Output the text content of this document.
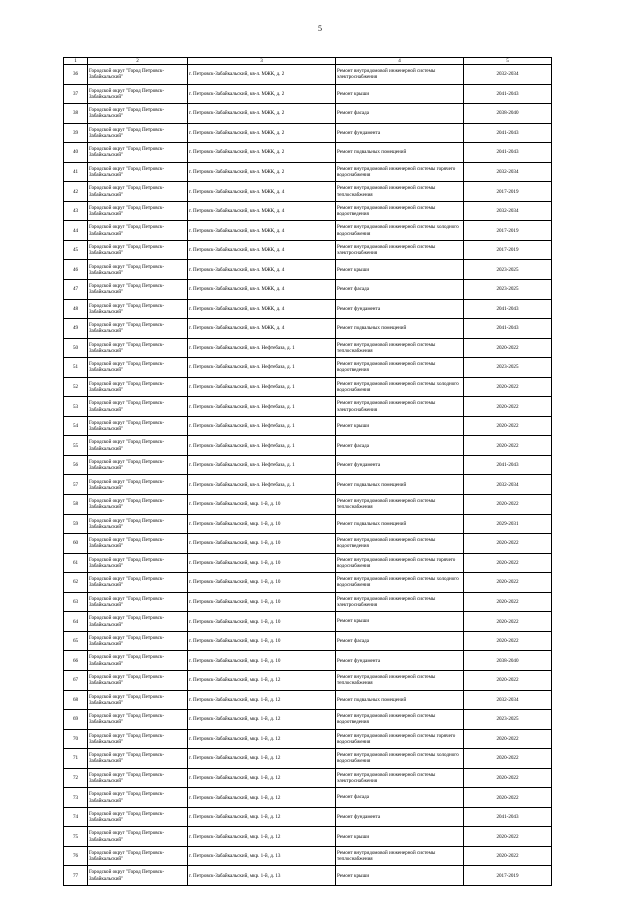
5
1	2	3	4	5
36	Городской округ "Город Петровск-Забайкальский"	г. Петровск-Забайкальский, кв-л. МЖК, д. 2	Ремонт внутридомовой инженерной системы электроснабжения	2032-2034
37	Городской округ "Город Петровск-Забайкальский"	г. Петровск-Забайкальский, кв-л. МЖК, д. 2	Ремонт крыши	2041-2043
38	Городской округ "Город Петровск-Забайкальский"	г. Петровск-Забайкальский, кв-л. МЖК, д. 2	Ремонт фасада	2038-2040
39	Городской округ "Город Петровск-Забайкальский"	г. Петровск-Забайкальский, кв-л. МЖК, д. 2	Ремонт фундамента	2041-2043
40	Городской округ "Город Петровск-Забайкальский"	г. Петровск-Забайкальский, кв-л. МЖК, д. 2	Ремонт подвальных помещений	2041-2043
41	Городской округ "Город Петровск-Забайкальский"	г. Петровск-Забайкальский, кв-л. МЖК, д. 2	Ремонт внутридомовой инженерной системы горячего водоснабжения	2032-2034
42	Городской округ "Город Петровск-Забайкальский"	г. Петровск-Забайкальский, кв-л. МЖК, д. 4	Ремонт внутридомовой инженерной системы теплоснабжения	2017-2019
43	Городской округ "Город Петровск-Забайкальский"	г. Петровск-Забайкальский, кв-л. МЖК, д. 4	Ремонт внутридомовой инженерной системы водоотведения	2032-2034
44	Городской округ "Город Петровск-Забайкальский"	г. Петровск-Забайкальский, кв-л. МЖК, д. 4	Ремонт внутридомовой инженерной системы холодного водоснабжения	2017-2019
45	Городской округ "Город Петровск-Забайкальский"	г. Петровск-Забайкальский, кв-л. МЖК, д. 4	Ремонт внутридомовой инженерной системы электроснабжения	2017-2019
46	Городской округ "Город Петровск-Забайкальский"	г. Петровск-Забайкальский, кв-л. МЖК, д. 4	Ремонт крыши	2023-2025
47	Городской округ "Город Петровск-Забайкальский"	г. Петровск-Забайкальский, кв-л. МЖК, д. 4	Ремонт фасада	2023-2025
48	Городской округ "Город Петровск-Забайкальский"	г. Петровск-Забайкальский, кв-л. МЖК, д. 4	Ремонт фундамента	2041-2043
49	Городской округ "Город Петровск-Забайкальский"	г. Петровск-Забайкальский, кв-л. МЖК, д. 4	Ремонт подвальных помещений	2041-2043
50	Городской округ "Город Петровск-Забайкальский"	г. Петровск-Забайкальский, кв-л. Нефтебаза, д. 1	Ремонт внутридомовой инженерной системы теплоснабжения	2020-2022
51	Городской округ "Город Петровск-Забайкальский"	г. Петровск-Забайкальский, кв-л. Нефтебаза, д. 1	Ремонт внутридомовой инженерной системы водоотведения	2023-2025
52	Городской округ "Город Петровск-Забайкальский"	г. Петровск-Забайкальский, кв-л. Нефтебаза, д. 1	Ремонт внутридомовой инженерной системы холодного водоснабжения	2020-2022
53	Городской округ "Город Петровск-Забайкальский"	г. Петровск-Забайкальский, кв-л. Нефтебаза, д. 1	Ремонт внутридомовой инженерной системы электроснабжения	2020-2022
54	Городской округ "Город Петровск-Забайкальский"	г. Петровск-Забайкальский, кв-л. Нефтебаза, д. 1	Ремонт крыши	2020-2022
55	Городской округ "Город Петровск-Забайкальский"	г. Петровск-Забайкальский, кв-л. Нефтебаза, д. 1	Ремонт фасада	2020-2022
56	Городской округ "Город Петровск-Забайкальский"	г. Петровск-Забайкальский, кв-л. Нефтебаза, д. 1	Ремонт фундамента	2041-2043
57	Городской округ "Город Петровск-Забайкальский"	г. Петровск-Забайкальский, кв-л. Нефтебаза, д. 1	Ремонт подвальных помещений	2032-2034
58	Городской округ "Город Петровск-Забайкальский"	г. Петровск-Забайкальский, мкр. 1-й, д. 10	Ремонт внутридомовой инженерной системы теплоснабжения	2020-2022
59	Городской округ "Город Петровск-Забайкальский"	г. Петровск-Забайкальский, мкр. 1-й, д. 10	Ремонт подвальных помещений	2029-2031
60	Городской округ "Город Петровск-Забайкальский"	г. Петровск-Забайкальский, мкр. 1-й, д. 10	Ремонт внутридомовой инженерной системы водоотведения	2020-2022
61	Городской округ "Город Петровск-Забайкальский"	г. Петровск-Забайкальский, мкр. 1-й, д. 10	Ремонт внутридомовой инженерной системы горячего водоснабжения	2020-2022
62	Городской округ "Город Петровск-Забайкальский"	г. Петровск-Забайкальский, мкр. 1-й, д. 10	Ремонт внутридомовой инженерной системы холодного водоснабжения	2020-2022
63	Городской округ "Город Петровск-Забайкальский"	г. Петровск-Забайкальский, мкр. 1-й, д. 10	Ремонт внутридомовой инженерной системы электроснабжения	2020-2022
64	Городской округ "Город Петровск-Забайкальский"	г. Петровск-Забайкальский, мкр. 1-й, д. 10	Ремонт крыши	2020-2022
65	Городской округ "Город Петровск-Забайкальский"	г. Петровск-Забайкальский, мкр. 1-й, д. 10	Ремонт фасада	2020-2022
66	Городской округ "Город Петровск-Забайкальский"	г. Петровск-Забайкальский, мкр. 1-й, д. 10	Ремонт фундамента	2038-2040
67	Городской округ "Город Петровск-Забайкальский"	г. Петровск-Забайкальский, мкр. 1-й, д. 12	Ремонт внутридомовой инженерной системы теплоснабжения	2020-2022
68	Городской округ "Город Петровск-Забайкальский"	г. Петровск-Забайкальский, мкр. 1-й, д. 12	Ремонт подвальных помещений	2032-2034
69	Городской округ "Город Петровск-Забайкальский"	г. Петровск-Забайкальский, мкр. 1-й, д. 12	Ремонт внутридомовой инженерной системы водоотведения	2023-2025
70	Городской округ "Город Петровск-Забайкальский"	г. Петровск-Забайкальский, мкр. 1-й, д. 12	Ремонт внутридомовой инженерной системы горячего водоснабжения	2020-2022
71	Городской округ "Город Петровск-Забайкальский"	г. Петровск-Забайкальский, мкр. 1-й, д. 12	Ремонт внутридомовой инженерной системы холодного водоснабжения	2020-2022
72	Городской округ "Город Петровск-Забайкальский"	г. Петровск-Забайкальский, мкр. 1-й, д. 12	Ремонт внутридомовой инженерной системы электроснабжения	2020-2022
73	Городской округ "Город Петровск-Забайкальский"	г. Петровск-Забайкальский, мкр. 1-й, д. 12	Ремонт фасада	2020-2022
74	Городской округ "Город Петровск-Забайкальский"	г. Петровск-Забайкальский, мкр. 1-й, д. 12	Ремонт фундамента	2041-2043
75	Городской округ "Город Петровск-Забайкальский"	г. Петровск-Забайкальский, мкр. 1-й, д. 12	Ремонт крыши	2020-2022
76	Городской округ "Город Петровск-Забайкальский"	г. Петровск-Забайкальский, мкр. 1-й, д. 13	Ремонт внутридомовой инженерной системы теплоснабжения	2020-2022
77	Городской округ "Город Петровск-Забайкальский"	г. Петровск-Забайкальский, мкр. 1-й, д. 13	Ремонт крыши	2017-2019
